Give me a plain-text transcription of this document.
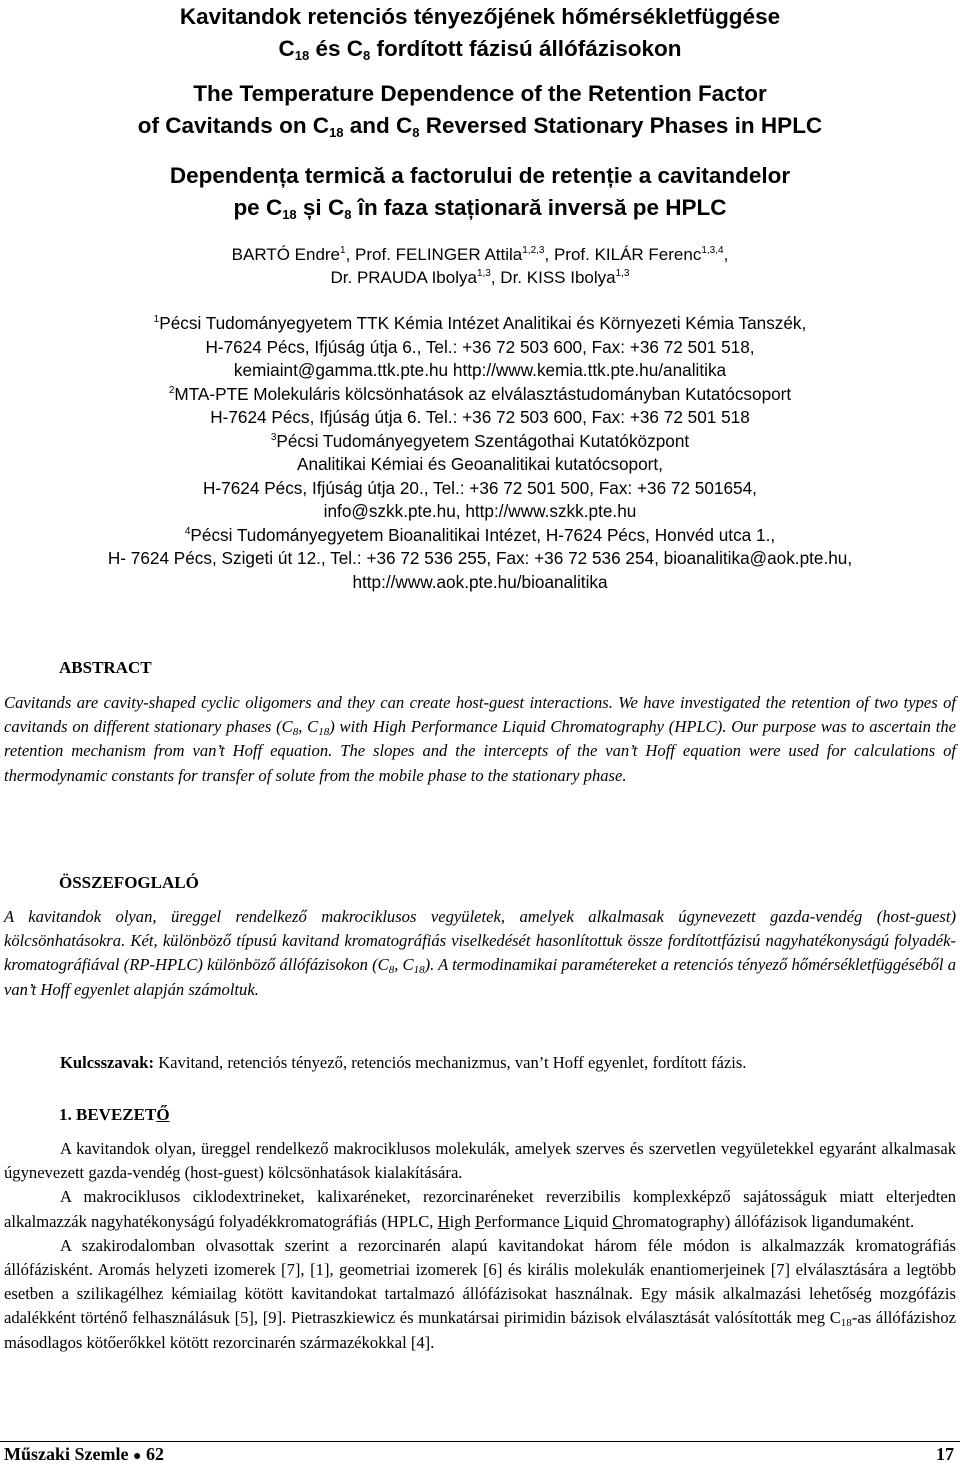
Kavitandok retenciós tényezőjének hőmérsékletfüggése

C18 és C8 fordított fázisú állófázisokon

The Temperature Dependence of the Retention Factor

of Cavitands on C18 and C8 Reversed Stationary Phases in HPLC

Dependența termică a factorului de retenție a cavitandelor

pe C18 și C8 în faza staționară inversă pe HPLC

BARTÓ Endre$^1$, Prof. FELINGER Attila$^{1,2,3}$, Prof. KILÁR Ferenc$^{1,3,4}$,

Dr. PRAUDA Ibolya$^{1,3}$, Dr. KISS Ibolya$^{1,3}$

$^1$Pécsi Tudományegyetem TTK Kémia Intézet Analitikai és Környezeti Kémia Tanszék,

H-7624 Pécs, Ifjúság útja 6., Tel.: +36 72 503 600, Fax: +36 72 501 518,

kemiaint@gamma.ttk.pte.hu http://www.kemia.ttk.pte.hu/analitika

$^2$MTA-PTE Molekuláris kölcsönhatások az elválasztástudományban Kutatócsoport

H-7624 Pécs, Ifjúság útja 6. Tel.: +36 72 503 600, Fax: +36 72 501 518

$^3$Pécsi Tudományegyetem Szentágothai Kutatóközpont

Analitikai Kémiai és Geoanalitikai kutatócsoport,

H-7624 Pécs, Ifjúság útja 20., Tel.: +36 72 501 500, Fax: +36 72 501654,

info@szkk.pte.hu, http://www.szkk.pte.hu

$^4$Pécsi Tudományegyetem Bioanalitikai Intézet, H-7624 Pécs, Honvéd utca 1.,

H- 7624 Pécs, Szigeti út 12., Tel.: +36 72 536 255, Fax: +36 72 536 254, bioanalitika@aok.pte.hu,

http://www.aok.pte.hu/bioanalitika

ABSTRACT

Cavitands are cavity-shaped cyclic oligomers and they can create host-guest interactions. We have investigated the retention of two types of cavitands on different stationary phases ($C_8$, $C_{18}$) with High Performance Liquid Chromatography (HPLC). Our purpose was to ascertain the retention mechanism from van’t Hoff equation. The slopes and the intercepts of the van’t Hoff equation were used for calculations of thermodynamic constants for transfer of solute from the mobile phase to the stationary phase.

ÖSSZEFOGLALÓ

A kavitandok olyan, üreggel rendelkező makrociklusos vegyületek, amelyek alkalmasak úgynevezett gazda-vendég (host-guest) kölcsönhatásokra. Két, különböző típusú kavitand kromatográfiás viselkedését hasonlítottuk össze fordítottfázisú nagyhatékonyságú folyadék-kromatográfiával (RP-HPLC) különböző állófázisokon ($C_8$, $C_{18}$). A termodinamikai paramétereket a retenciós tényező hőmérsékletfüggéséből a van’t Hoff egyenlet alapján számoltuk.

Kulcsszavak: Kavitand, retenciós tényező, retenciós mechanizmus, van’t Hoff egyenlet, fordított fázis.
1. BEVEZETŐ

A kavitandok olyan, üreggel rendelkező makrociklusos molekulák, amelyek szerves és szervetlen vegyületekkel egyaránt alkalmasak úgynevezett gazda-vendég (host-guest) kölcsönhatások kialakítására.

A makrociklusos ciklodextrineket, kalixaréneket, rezorcinaréneket reverzibilis komplexképző sajátosságuk miatt elterjedten alkalmazzák nagyhatékonyságú folyadékkromatográfiás (HPLC, High Performance Liquid Chromatography) állófázisok ligandumaként.

A szakirodalomban olvasottak szerint a rezorcinarén alapú kavitandokat három féle módon is alkalmazzák kromatográfiás állófázisként. Aromás helyzeti izomerek [7], [1], geometriai izomerek [6] és királis molekulák enantiomerjeinek [7] elválasztására a legtöbb esetben a szilikagélhez kémiailag kötött kavitandokat tartalmazó állófázisokat használnak. Egy másik alkalmazási lehetőség mozgófázis adalékként történő felhasználásuk [5], [9]. Pietraszkiewicz és munkatársai pirimidin bázisok elválasztását valósították meg $C_{18}-as$ állófázishoz másodlagos kötőerőkkel kötött rezorcinarén származékokkal [4].

Műszaki Szemle ● 62	17
